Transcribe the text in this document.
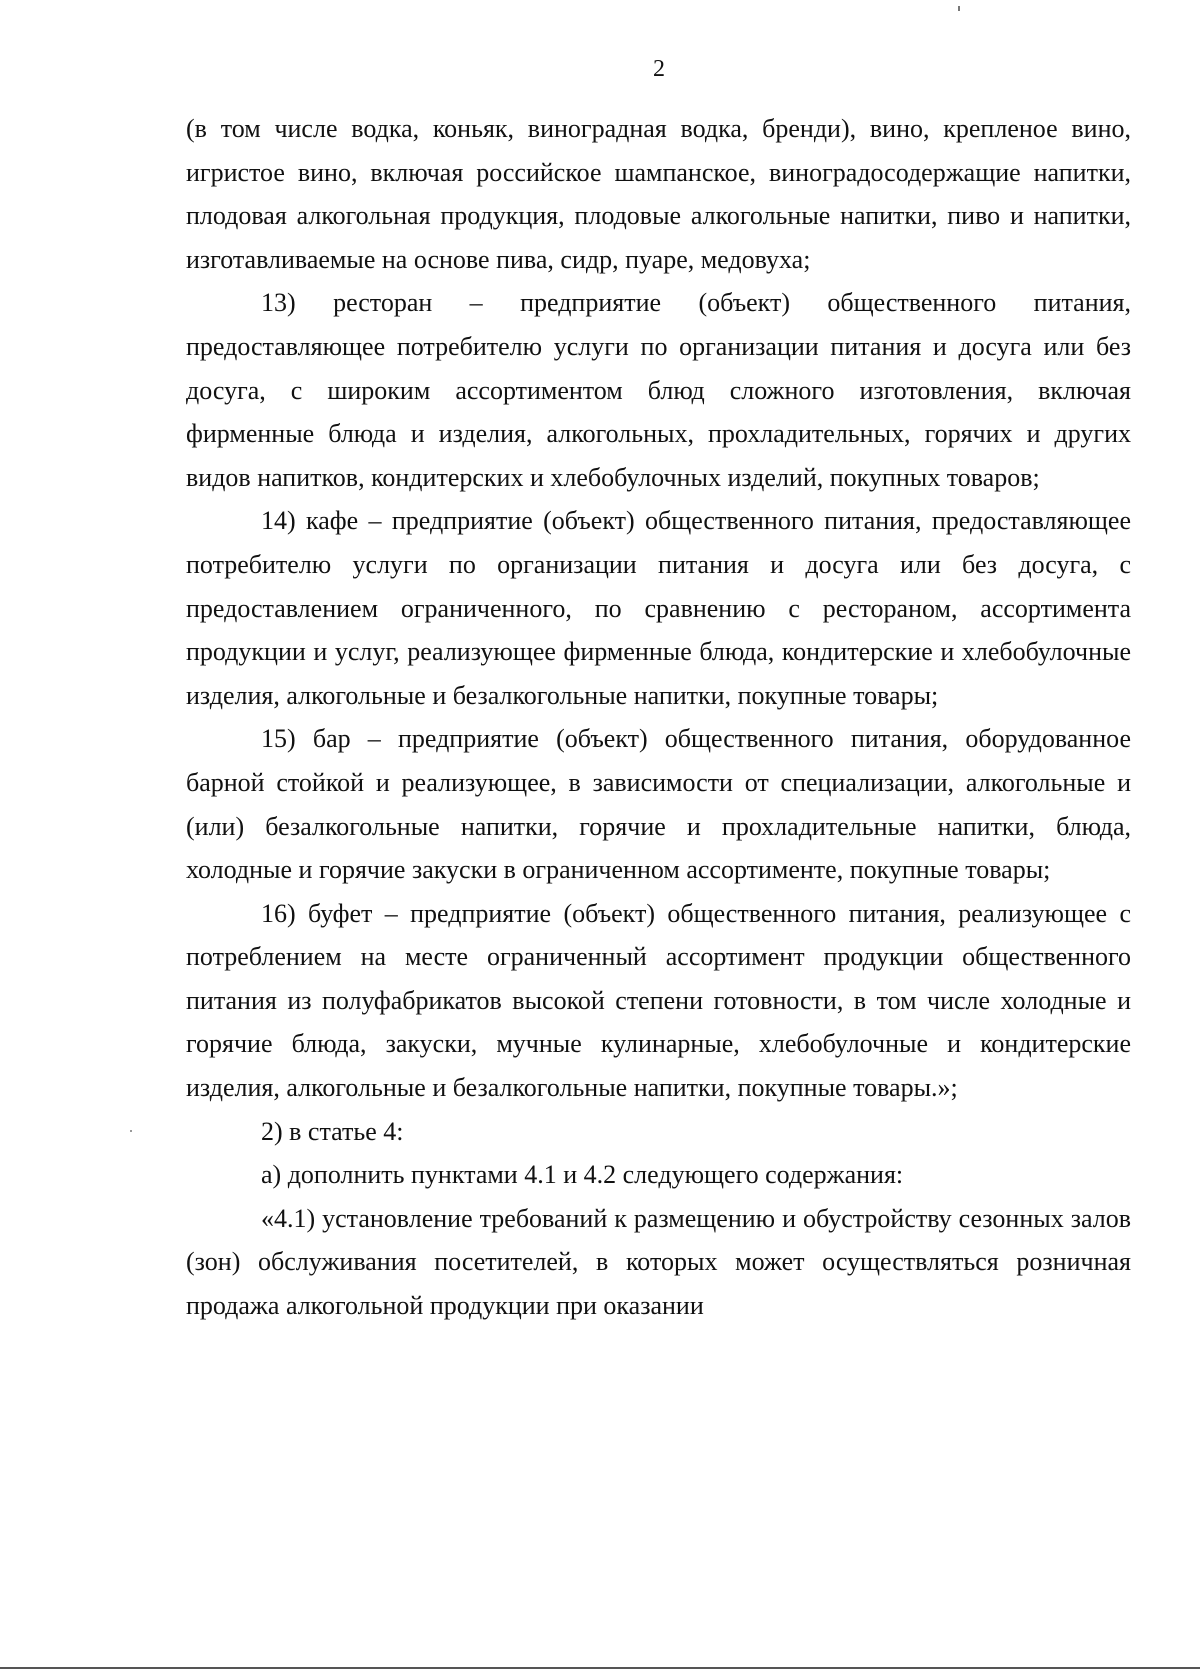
2

(в том числе водка, коньяк, виноградная водка, бренди), вино, крепленое вино, игристое вино, включая российское шампанское, виноградосодержащие напитки, плодовая алкогольная продукция, плодовые алкогольные напитки, пиво и напитки, изготавливаемые на основе пива, сидр, пуаре, медовуха;

13) ресторан – предприятие (объект) общественного питания, предоставляющее потребителю услуги по организации питания и досуга или без досуга, с широким ассортиментом блюд сложного изготовления, включая фирменные блюда и изделия, алкогольных, прохладительных, горячих и других видов напитков, кондитерских и хлебобулочных изделий, покупных товаров;

14) кафе – предприятие (объект) общественного питания, предоставляющее потребителю услуги по организации питания и досуга или без досуга, с предоставлением ограниченного, по сравнению с рестораном, ассортимента продукции и услуг, реализующее фирменные блюда, кондитерские и хлебобулочные изделия, алкогольные и безалкогольные напитки, покупные товары;

15) бар – предприятие (объект) общественного питания, оборудованное барной стойкой и реализующее, в зависимости от специализации, алкогольные и (или) безалкогольные напитки, горячие и прохладительные напитки, блюда, холодные и горячие закуски в ограниченном ассортименте, покупные товары;

16) буфет – предприятие (объект) общественного питания, реализующее с потреблением на месте ограниченный ассортимент продукции общественного питания из полуфабрикатов высокой степени готовности, в том числе холодные и горячие блюда, закуски, мучные кулинарные, хлебобулочные и кондитерские изделия, алкогольные и безалкогольные напитки, покупные товары.»;

2) в статье 4:

а) дополнить пунктами 4.1 и 4.2 следующего содержания:

«4.1) установление требований к размещению и обустройству сезонных залов (зон) обслуживания посетителей, в которых может осуществляться розничная продажа алкогольной продукции при оказании
